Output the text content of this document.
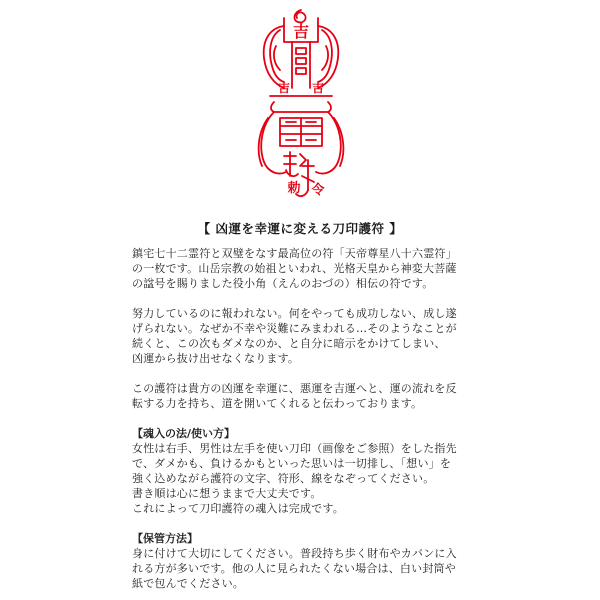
吉
吉 吉
勅 令
【 凶運を幸運に変える刀印護符 】

鎮宅七十二霊符と双璧をなす最高位の符「天帝尊星八十六霊符」

の一枚です。山岳宗教の始祖といわれ、光格天皇から神変大菩薩

の諡号を賜りました役小角（えんのおづの）相伝の符です。

努力しているのに報われない。何をやっても成功しない、成し遂

げられない。なぜか不幸や災難にみまわれる…そのようなことが

続くと、この次もダメなのか、と自分に暗示をかけてしまい、

凶運から抜け出せなくなります。

この護符は貴方の凶運を幸運に、悪運を吉運へと、運の流れを反

転する力を持ち、道を開いてくれると伝わっております。

【魂入の法/使い方】

女性は右手、男性は左手を使い刀印（画像をご参照）をした指先

で、ダメかも、負けるかもといった思いは一切排し、「想い」を

強く込めながら護符の文字、符形、線をなぞってください。

書き順は心に想うままで大丈夫です。

これによって刀印護符の魂入は完成です。

【保管方法】

身に付けて大切にしてください。普段持ち歩く財布やカバンに入

れる方が多いです。他の人に見られたくない場合は、白い封筒や

紙で包んでください。
